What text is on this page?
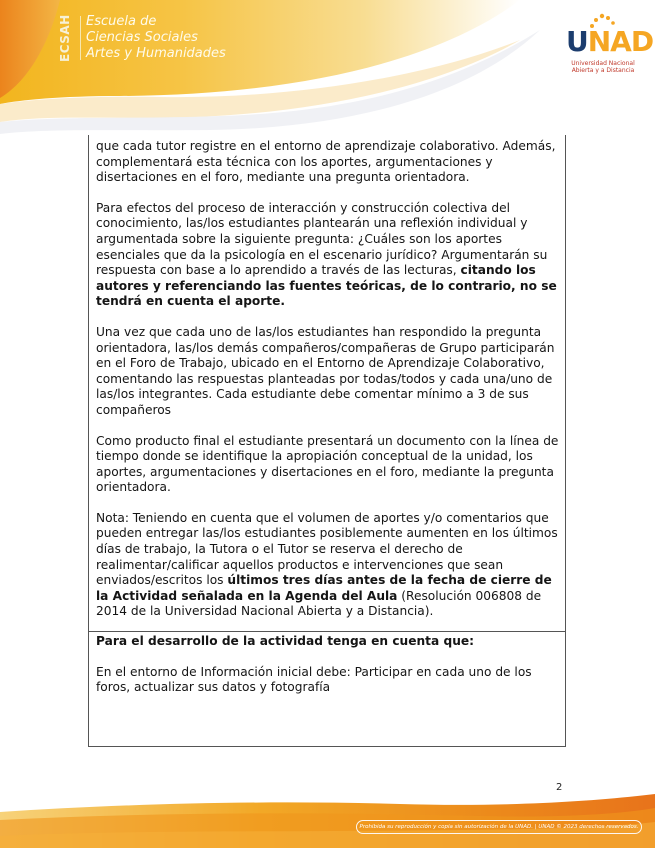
ECSAH	Escuela de
Ciencias Sociales
Artes y Humanidades	UNAD
Universidad Nacional
Abierta y a Distancia

que cada tutor registre en el entorno de aprendizaje colaborativo. Además, complementará esta técnica con los aportes, argumentaciones y disertaciones en el foro, mediante una pregunta orientadora.

Para efectos del proceso de interacción y construcción colectiva del conocimiento, las/los estudiantes plantearán una reflexión individual y argumentada sobre la siguiente pregunta: ¿Cuáles son los aportes esenciales que da la psicología en el escenario jurídico? Argumentarán su respuesta con base a lo aprendido a través de las lecturas, citando los autores y referenciando las fuentes teóricas, de lo contrario, no se tendrá en cuenta el aporte.

Una vez que cada uno de las/los estudiantes han respondido la pregunta orientadora, las/los demás compañeros/compañeras de Grupo participarán en el Foro de Trabajo, ubicado en el Entorno de Aprendizaje Colaborativo, comentando las respuestas planteadas por todas/todos y cada una/uno de las/los integrantes. Cada estudiante debe comentar mínimo a 3 de sus compañeros

Como producto final el estudiante presentará un documento con la línea de tiempo donde se identifique la apropiación conceptual de la unidad, los aportes, argumentaciones y disertaciones en el foro, mediante la pregunta orientadora.

Nota: Teniendo en cuenta que el volumen de aportes y/o comentarios que pueden entregar las/los estudiantes posiblemente aumenten en los últimos días de trabajo, la Tutora o el Tutor se reserva el derecho de realimentar/calificar aquellos productos e intervenciones que sean enviados/escritos los últimos tres días antes de la fecha de cierre de la Actividad señalada en la Agenda del Aula (Resolución 006808 de 2014 de la Universidad Nacional Abierta y a Distancia).

Para el desarrollo de la actividad tenga en cuenta que:

En el entorno de Información inicial debe: Participar en cada uno de los foros, actualizar sus datos y fotografía

2
Prohibida su reproducción y copia sin autorización de la UNAD. | UNAD © 2023 derechos reservados.
